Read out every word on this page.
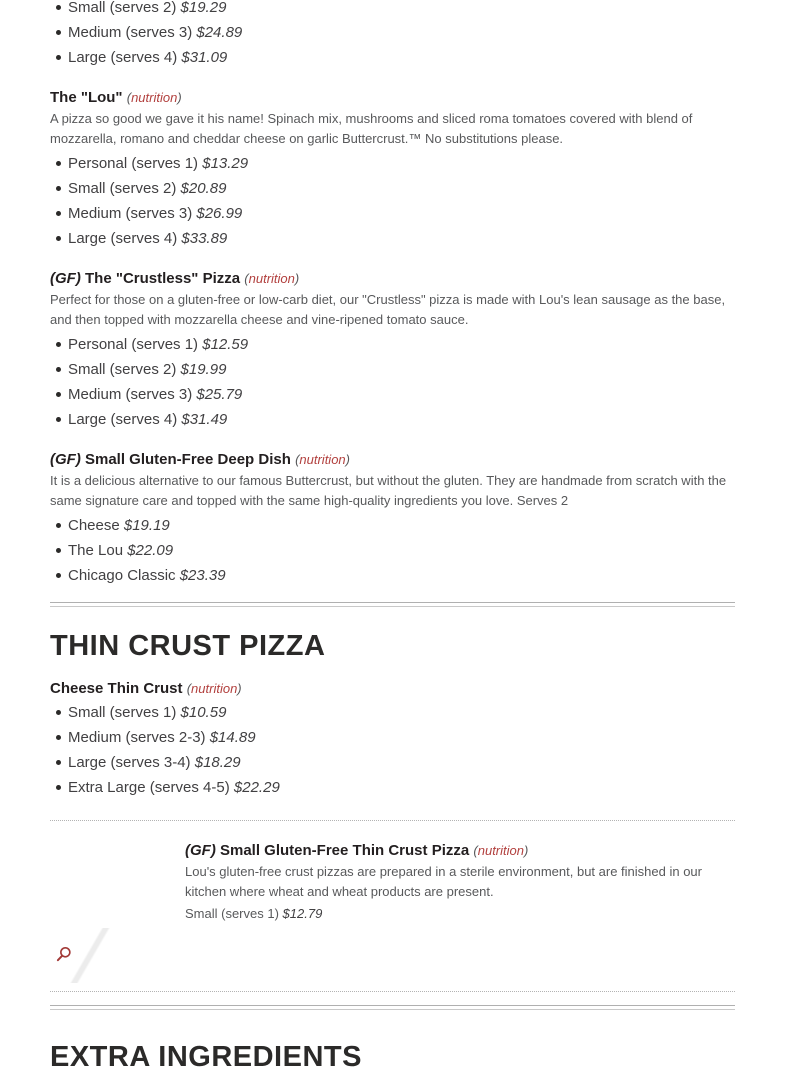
Small (serves 2) $19.29
Medium (serves 3) $24.89
Large (serves 4) $31.09
The "Lou" (nutrition)

A pizza so good we gave it his name! Spinach mix, mushrooms and sliced roma tomatoes covered with blend of mozzarella, romano and cheddar cheese on garlic Buttercrust.™ No substitutions please.

Personal (serves 1) $13.29
Small (serves 2) $20.89
Medium (serves 3) $26.99
Large (serves 4) $33.89
(GF) The "Crustless" Pizza (nutrition)

Perfect for those on a gluten-free or low-carb diet, our "Crustless" pizza is made with Lou's lean sausage as the base, and then topped with mozzarella cheese and vine-ripened tomato sauce.

Personal (serves 1) $12.59
Small (serves 2) $19.99
Medium (serves 3) $25.79
Large (serves 4) $31.49
(GF) Small Gluten-Free Deep Dish (nutrition)

It is a delicious alternative to our famous Buttercrust, but without the gluten. They are handmade from scratch with the same signature care and topped with the same high-quality ingredients you love. Serves 2

Cheese $19.19
The Lou $22.09
Chicago Classic $23.39
THIN CRUST PIZZA
Cheese Thin Crust (nutrition)
Small (serves 1) $10.59
Medium (serves 2-3) $14.89
Large (serves 3-4) $18.29
Extra Large (serves 4-5) $22.29
(GF) Small Gluten-Free Thin Crust Pizza (nutrition)

Lou's gluten-free crust pizzas are prepared in a sterile environment, but are finished in our kitchen where wheat and wheat products are present.

Small (serves 1) $12.79
EXTRA INGREDIENTS
